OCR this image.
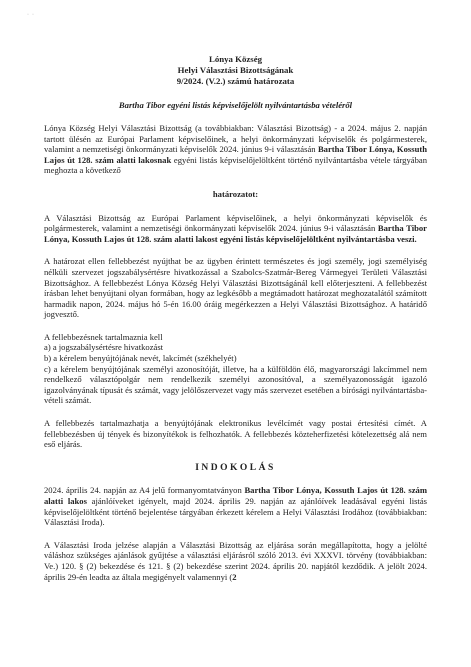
·  ·
Lónya Község
Helyi Választási Bizottságának
9/2024. (V.2.) számú határozata
Bartha Tibor egyéni listás képviselőjelölt nyilvántartásba vételéről

Lónya Község Helyi Választási Bizottság (a továbbiakban: Választási Bizottság) - a 2024. május 2. napján tartott ülésén az Európai Parlament képviselőinek, a helyi önkormányzati képviselők és polgármesterek, valamint a nemzetiségi önkormányzati képviselők 2024. június 9-i választásán Bartha Tibor Lónya, Kossuth Lajos út 128. szám alatti lakosnak egyéni listás képviselőjelöltként történő nyilvántartásba vétele tárgyában meghozta a következő

határozatot:

A Választási Bizottság az Európai Parlament képviselőinek, a helyi önkormányzati képviselők és polgármesterek, valamint a nemzetiségi önkormányzati képviselők 2024. június 9-i választásán Bartha Tibor Lónya, Kossuth Lajos út 128. szám alatti lakost egyéni listás képviselőjelöltként nyilvántartásba veszi.

A határozat ellen fellebbezést nyújthat be az ügyben érintett természetes és jogi személy, jogi személyiség nélküli szervezet jogszabálysértésre hivatkozással a Szabolcs-Szatmár-Bereg Vármegyei Területi Választási Bizottsághoz. A fellebbezést Lónya Község Helyi Választási Bizottságánál kell előterjeszteni. A fellebbezést írásban lehet benyújtani olyan formában, hogy az legkésőbb a megtámadott határozat meghozatalától számított harmadik napon, 2024. május hó 5-én 16.00 óráig megérkezzen a Helyi Választási Bizottsághoz. A határidő jogvesztő.

A fellebbezésnek tartalmaznia kell

a) a jogszabálysértésre hivatkozást
b) a kérelem benyújtójának nevét, lakcímét (székhelyét)
c) a kérelem benyújtójának személyi azonosítóját, illetve, ha a külföldön élő, magyarországi lakcímmel nem rendelkező választópolgár nem rendelkezik személyi azonosítóval, a személyazonosságát igazoló igazolványának típusát és számát, vagy jelölőszervezet vagy más szervezet esetében a bírósági nyilvántartásba-vételi számát.

A fellebbezés tartalmazhatja a benyújtójának elektronikus levélcímét vagy postai értesítési címét. A fellebbezésben új tények és bizonyítékok is felhozhatók. A fellebbezés közteherfizetési kötelezettség alá nem eső eljárás.

INDOKOLÁS

2024. április 24. napján az A4 jelű formanyomtatványon Bartha Tibor Lónya, Kossuth Lajos út 128. szám alatti lakos ajánlóíveket igényelt, majd 2024. április 29. napján az ajánlóívek leadásával egyéni listás képviselőjelöltként történő bejelentése tárgyában érkezett kérelem a Helyi Választási Irodához (továbbiakban: Választási Iroda).

A Választási Iroda jelzése alapján a Választási Bizottság az eljárása során megállapította, hogy a jelölté váláshoz szükséges ajánlások gyűjtése a választási eljárásról szóló 2013. évi XXXVI. törvény (továbbiakban: Ve.) 120. § (2) bekezdése és 121. § (2) bekezdése szerint 2024. április 20. napjától kezdődik. A jelölt 2024. április 29-én leadta az általa megigényelt valamennyi (2
